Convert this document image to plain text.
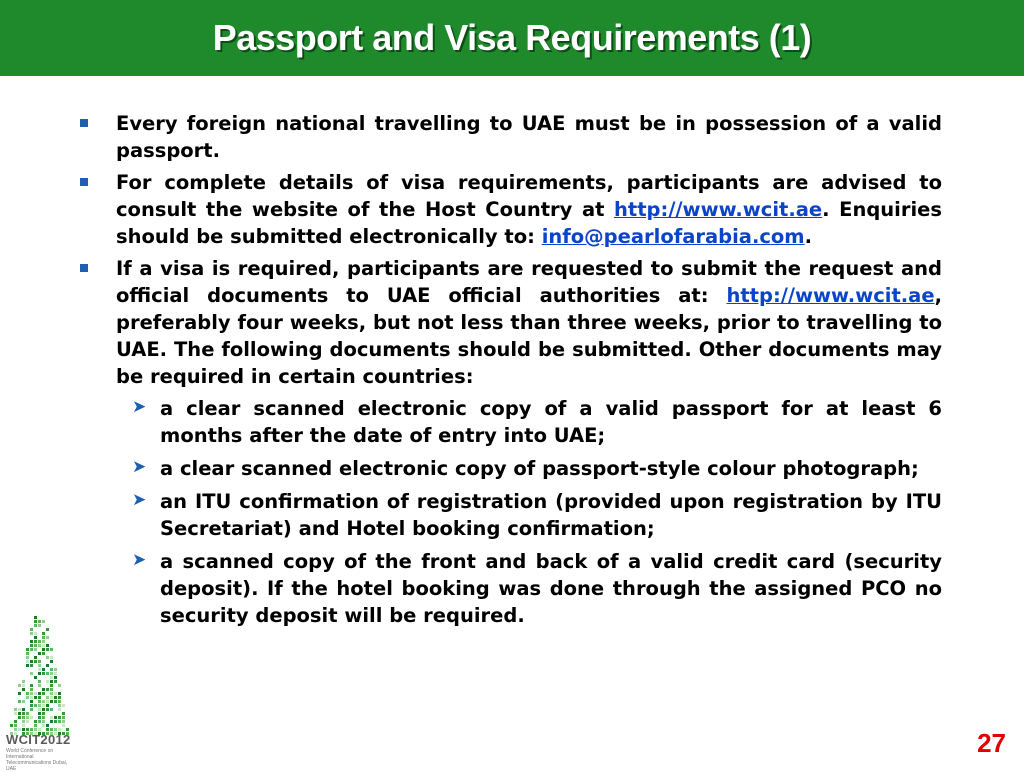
Passport and Visa Requirements (1)

Every foreign national travelling to UAE must be in possession of a valid passport.

For complete details of visa requirements, participants are advised to consult the website of the Host Country at http://www.wcit.ae. Enquiries should be submitted electronically to: info@pearlofarabia.com.

If a visa is required, participants are requested to submit the request and official documents to UAE official authorities at: http://www.wcit.ae, preferably four weeks, but not less than three weeks, prior to travelling to UAE. The following documents should be submitted. Other documents may be required in certain countries:

➤ a clear scanned electronic copy of a valid passport for at least 6 months after the date of entry into UAE;

➤ a clear scanned electronic copy of passport-style colour photograph;

➤ an ITU confirmation of registration (provided upon registration by ITU Secretariat) and Hotel booking confirmation;

➤ a scanned copy of the front and back of a valid credit card (security deposit). If the hotel booking was done through the assigned PCO no security deposit will be required.

WCIT2012
World Conference on International Telecommunications Dubai, UAE
27
